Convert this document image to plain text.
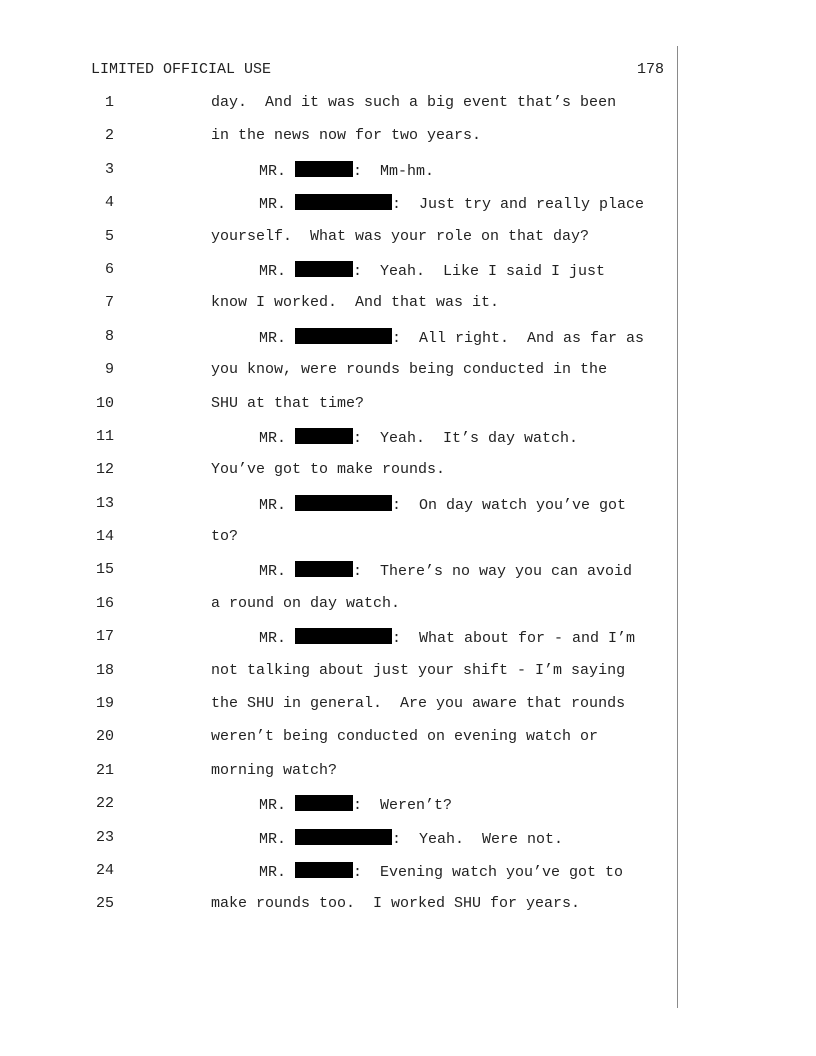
LIMITED OFFICIAL USE	178
1	day.  And it was such a big event that’s been
2	in the news now for two years.
3	MR.	:  Mm-hm.
4	MR.	:  Just try and really place
5	yourself.  What was your role on that day?
6	MR.	:  Yeah.  Like I said I just
7	know I worked.  And that was it.
8	MR.	:  All right.  And as far as
9	you know, were rounds being conducted in the
10	SHU at that time?
11	MR.	:  Yeah.  It’s day watch.
12	You’ve got to make rounds.
13	MR.	:  On day watch you’ve got
14	to?
15	MR.	:  There’s no way you can avoid
16	a round on day watch.
17	MR.	:  What about for - and I’m
18	not talking about just your shift - I’m saying
19	the SHU in general.  Are you aware that rounds
20	weren’t being conducted on evening watch or
21	morning watch?
22	MR.	:  Weren’t?
23	MR.	:  Yeah.  Were not.
24	MR.	:  Evening watch you’ve got to
25	make rounds too.  I worked SHU for years.
